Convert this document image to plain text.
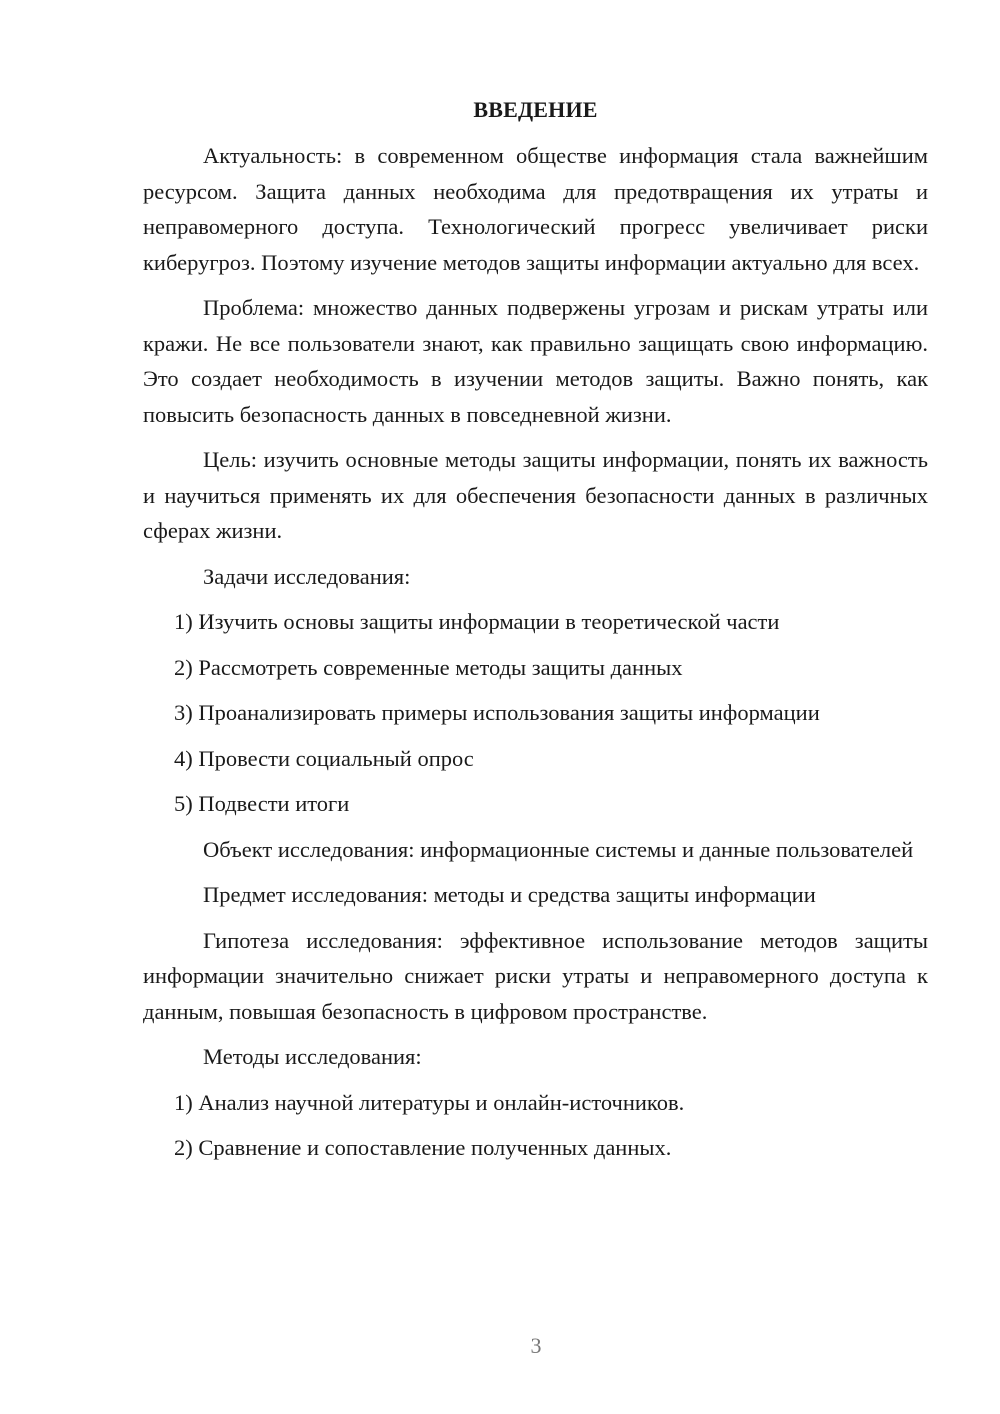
ВВЕДЕНИЕ
Актуальность: в современном обществе информация стала важнейшим ресурсом. Защита данных необходима для предотвращения их утраты и неправомерного доступа. Технологический прогресс увеличивает риски киберугроз. Поэтому изучение методов защиты информации актуально для всех.
Проблема: множество данных подвержены угрозам и рискам утраты или кражи. Не все пользователи знают, как правильно защищать свою информацию. Это создает необходимость в изучении методов защиты. Важно понять, как повысить безопасность данных в повседневной жизни.
Цель: изучить основные методы защиты информации, понять их важность и научиться применять их для обеспечения безопасности данных в различных сферах жизни.
Задачи исследования:
1) Изучить основы защиты информации в теоретической части
2) Рассмотреть современные методы защиты данных
3) Проанализировать примеры использования защиты информации
4) Провести социальный опрос
5) Подвести итоги
Объект исследования: информационные системы и данные пользователей
Предмет исследования: методы и средства защиты информации
Гипотеза исследования: эффективное использование методов защиты информации значительно снижает риски утраты и неправомерного доступа к данным, повышая безопасность в цифровом пространстве.
Методы исследования:
1) Анализ научной литературы и онлайн-источников.
2) Сравнение и сопоставление полученных данных.
3
